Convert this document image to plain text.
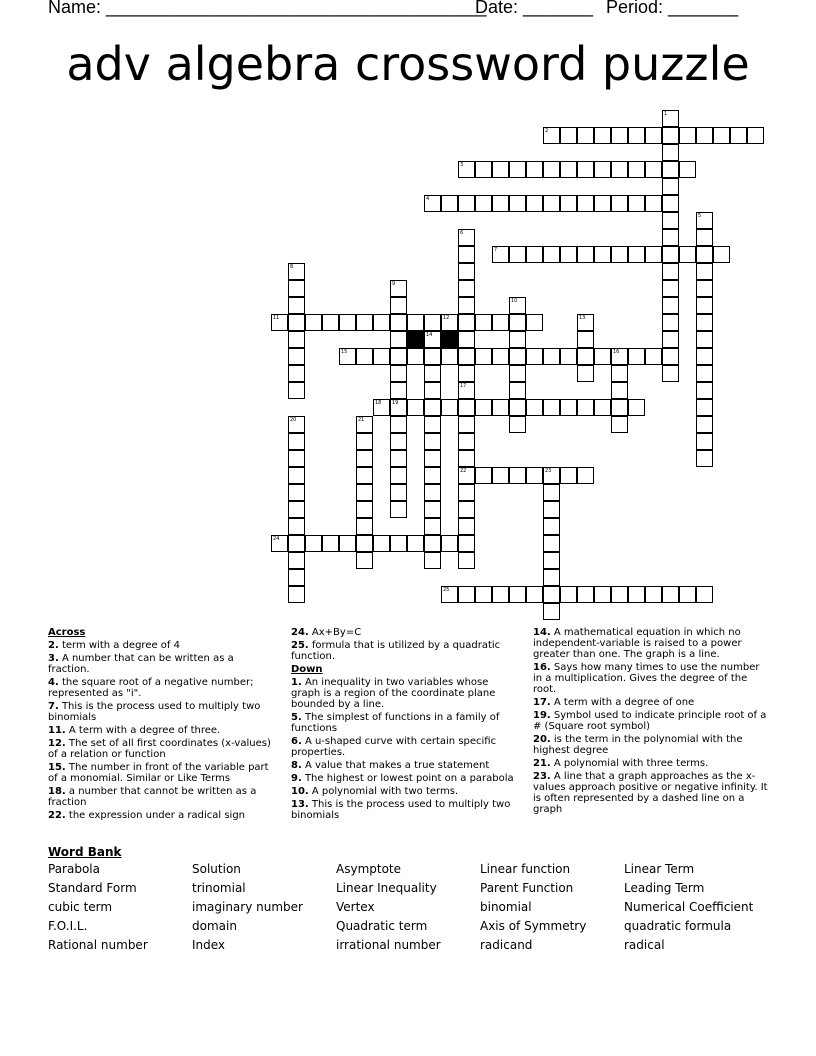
Name: ______________________________________
Date: _______ Period: _______
adv algebra crossword puzzle
2
3
4
7
11	12
15	16
18 19
22	23
24
25
1
5
6
17
8
9
10
13
14
20	21
Across
2. term with a degree of 4
3. A number that can be written as a fraction.
4. the square root of a negative number; represented as "i".
7. This is the process used to multiply two binomials
11. A term with a degree of three.
12. The set of all first coordinates (x-values) of a relation or function
15. The number in front of the variable part of a monomial. Similar or Like Terms
18. a number that cannot be written as a fraction
22. the expression under a radical sign
24. Ax+By=C
25. formula that is utilized by a quadratic function.
Down
1. An inequality in two variables whose graph is a region of the coordinate plane bounded by a line.
5. The simplest of functions in a family of functions
6. A u-shaped curve with certain specific properties.
8. A value that makes a true statement
9. The highest or lowest point on a parabola
10. A polynomial with two terms.
13. This is the process used to multiply two binomials
14. A mathematical equation in which no independent-variable is raised to a power greater than one. The graph is a line.
16. Says how many times to use the number in a multiplication. Gives the degree of the root.
17. A term with a degree of one
19. Symbol used to indicate principle root of a # (Square root symbol)
20. is the term in the polynomial with the highest degree
21. A polynomial with three terms.
23. A line that a graph approaches as the x-values approach positive or negative infinity. It is often represented by a dashed line on a graph
Word Bank
Parabola	Solution	Asymptote	Linear function	Linear Term
Standard Form	trinomial	Linear Inequality	Parent Function	Leading Term
cubic term	imaginary number	Vertex	binomial	Numerical Coefficient
F.O.I.L.	domain	Quadratic term	Axis of Symmetry	quadratic formula
Rational number	Index	irrational number	radicand	radical
